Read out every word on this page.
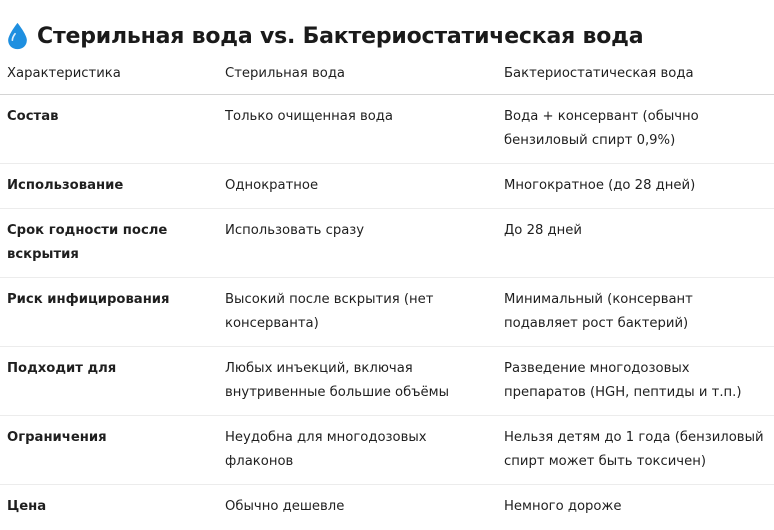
Стерильная вода vs. Бактериостатическая вода
Характеристика	Стерильная вода	Бактериостатическая вода
Состав	Только очищенная вода	Вода + консервант (обычно бензиловый спирт 0,9%)
Использование	Однократное	Многократное (до 28 дней)
Срок годности после вскрытия	Использовать сразу	До 28 дней
Риск инфицирования	Высокий после вскрытия (нет консерванта)	Минимальный (консервант подавляет рост бактерий)
Подходит для	Любых инъекций, включая внутривенные большие объёмы	Разведение многодозовых препаратов (HGH, пептиды и т.п.)
Ограничения	Неудобна для многодозовых флаконов	Нельзя детям до 1 года (бензиловый спирт может быть токсичен)
Цена	Обычно дешевле	Немного дороже
